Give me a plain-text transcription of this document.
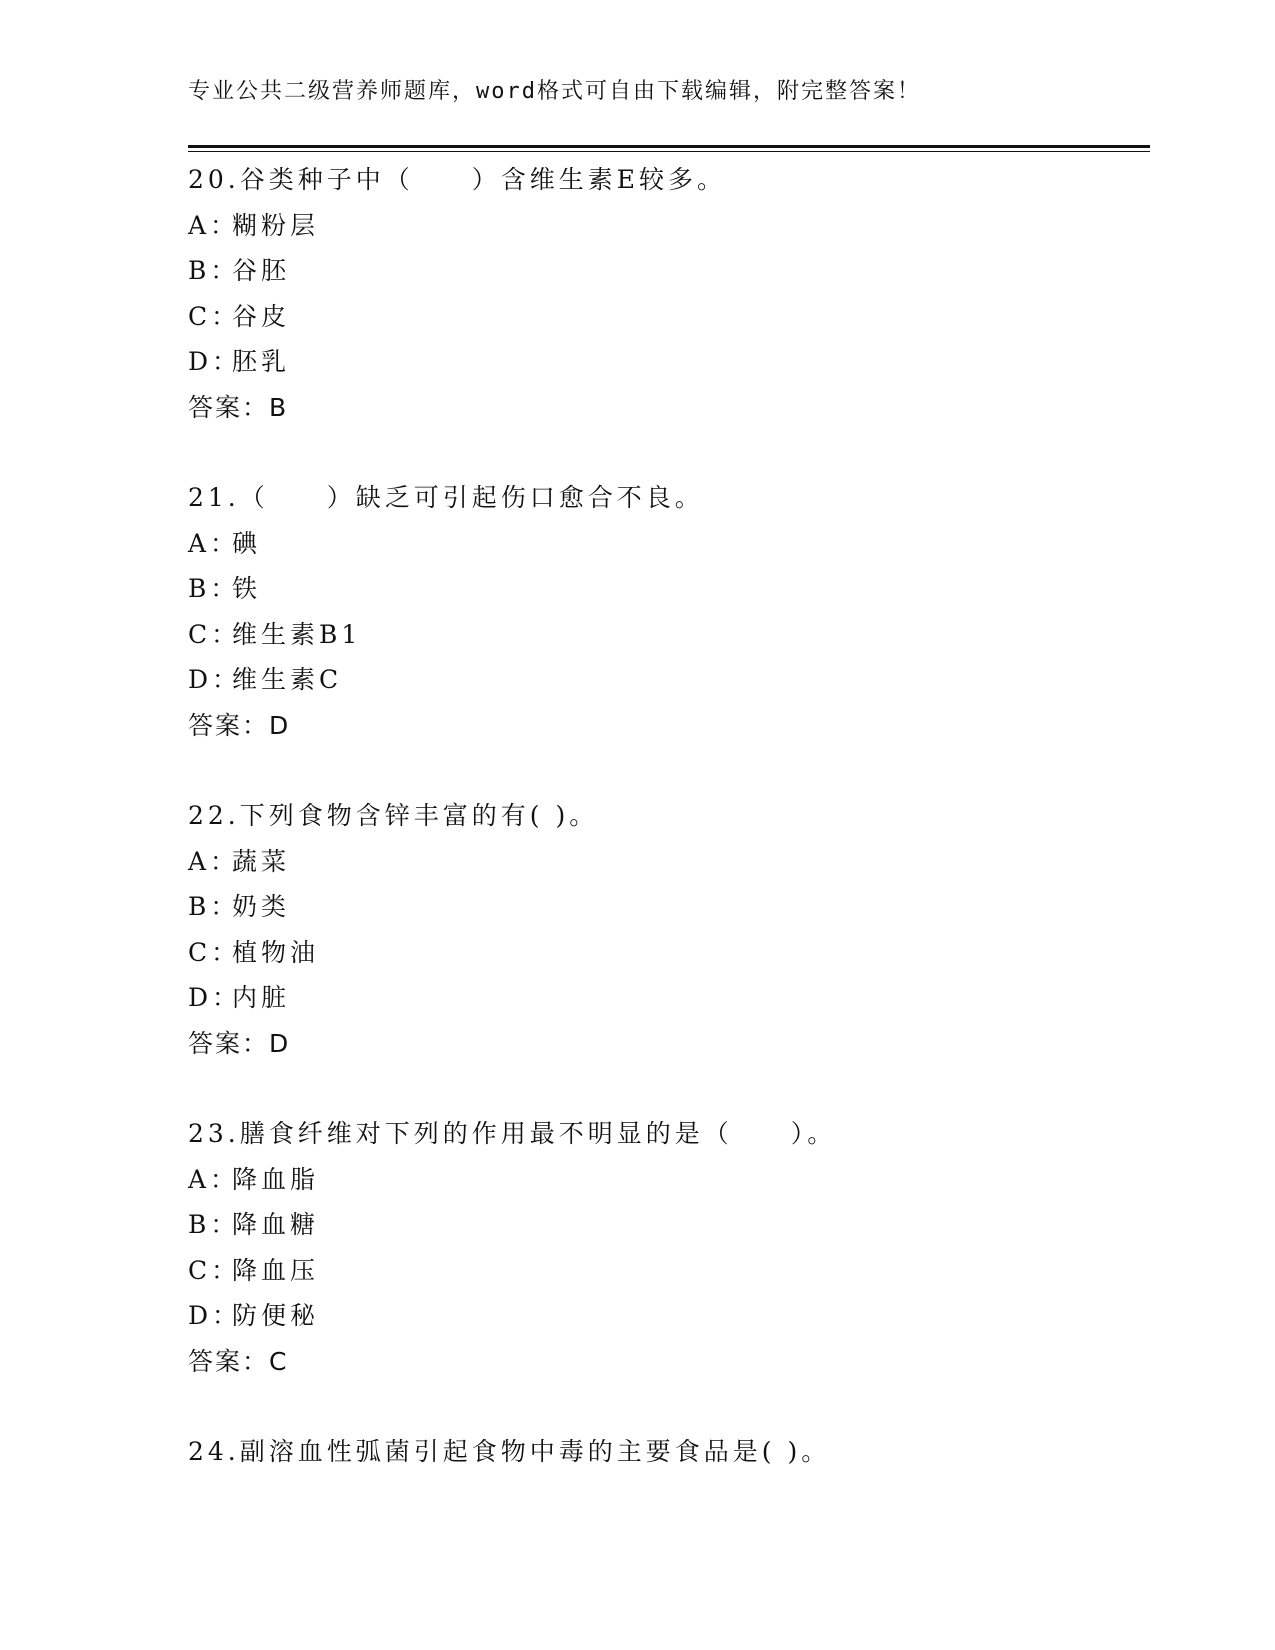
专业公共二级营养师题库，word格式可自由下载编辑，附完整答案！
20.谷类种子中（　　）含维生素E较多。
A：糊粉层
B：谷胚
C：谷皮
D：胚乳
答案：B
21.（　　）缺乏可引起伤口愈合不良。
A：碘
B：铁
C：维生素B1
D：维生素C
答案：D
22.下列食物含锌丰富的有( )。
A：蔬菜
B：奶类
C：植物油
D：内脏
答案：D
23.膳食纤维对下列的作用最不明显的是（　　）。
A：降血脂
B：降血糖
C：降血压
D：防便秘
答案：C
24.副溶血性弧菌引起食物中毒的主要食品是( )。
